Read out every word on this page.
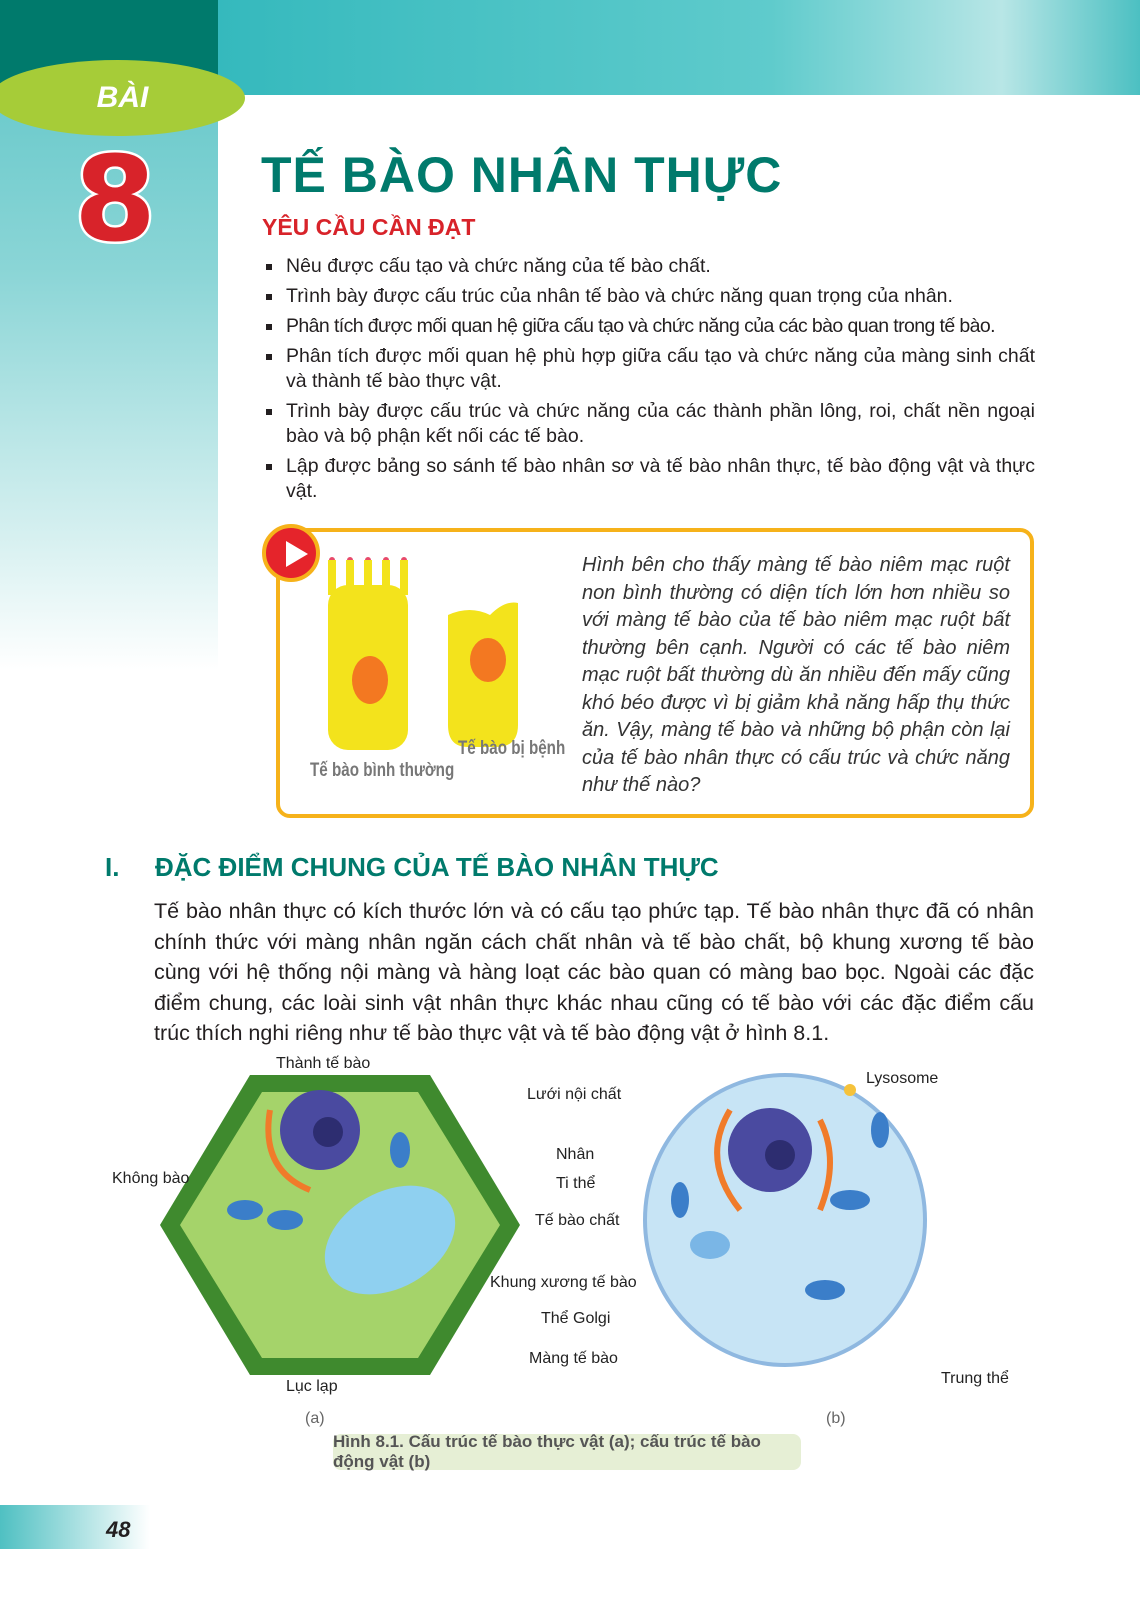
BÀI
8 TẾ BÀO NHÂN THỰC
YÊU CẦU CẦN ĐẠT
Nêu được cấu tạo và chức năng của tế bào chất.
Trình bày được cấu trúc của nhân tế bào và chức năng quan trọng của nhân.
Phân tích được mối quan hệ giữa cấu tạo và chức năng của các bào quan trong tế bào.
Phân tích được mối quan hệ phù hợp giữa cấu tạo và chức năng của màng sinh chất và thành tế bào thực vật.
Trình bày được cấu trúc và chức năng của các thành phần lông, roi, chất nền ngoại bào và bộ phận kết nối các tế bào.
Lập được bảng so sánh tế bào nhân sơ và tế bào nhân thực, tế bào động vật và thực vật.
Tế bào bình thường
Tế bào bị bệnh
Hình bên cho thấy màng tế bào niêm mạc ruột non bình thường có diện tích lớn hơn nhiều so với màng tế bào của tế bào niêm mạc ruột bất thường bên cạnh. Người có các tế bào niêm mạc ruột bất thường dù ăn nhiều đến mấy cũng khó béo được vì bị giảm khả năng hấp thụ thức ăn. Vậy, màng tế bào và những bộ phận còn lại của tế bào nhân thực có cấu trúc và chức năng như thế nào?
I. ĐẶC ĐIỂM CHUNG CỦA TẾ BÀO NHÂN THỰC
Tế bào nhân thực có kích thước lớn và có cấu tạo phức tạp. Tế bào nhân thực đã có nhân chính thức với màng nhân ngăn cách chất nhân và tế bào chất, bộ khung xương tế bào cùng với hệ thống nội màng và hàng loạt các bào quan có màng bao bọc. Ngoài các đặc điểm chung, các loài sinh vật nhân thực khác nhau cũng có tế bào với các đặc điểm cấu trúc thích nghi riêng như tế bào thực vật và tế bào động vật ở hình 8.1.
Thành tế bào
Không bào
Lục lạp
Lưới nội chất
Nhân
Ti thể
Tế bào chất
Khung xương tế bào
Thể Golgi
Màng tế bào
Lysosome
Trung thể
(a)	(b)
Hình 8.1. Cấu trúc tế bào thực vật (a); cấu trúc tế bào động vật (b)
48
